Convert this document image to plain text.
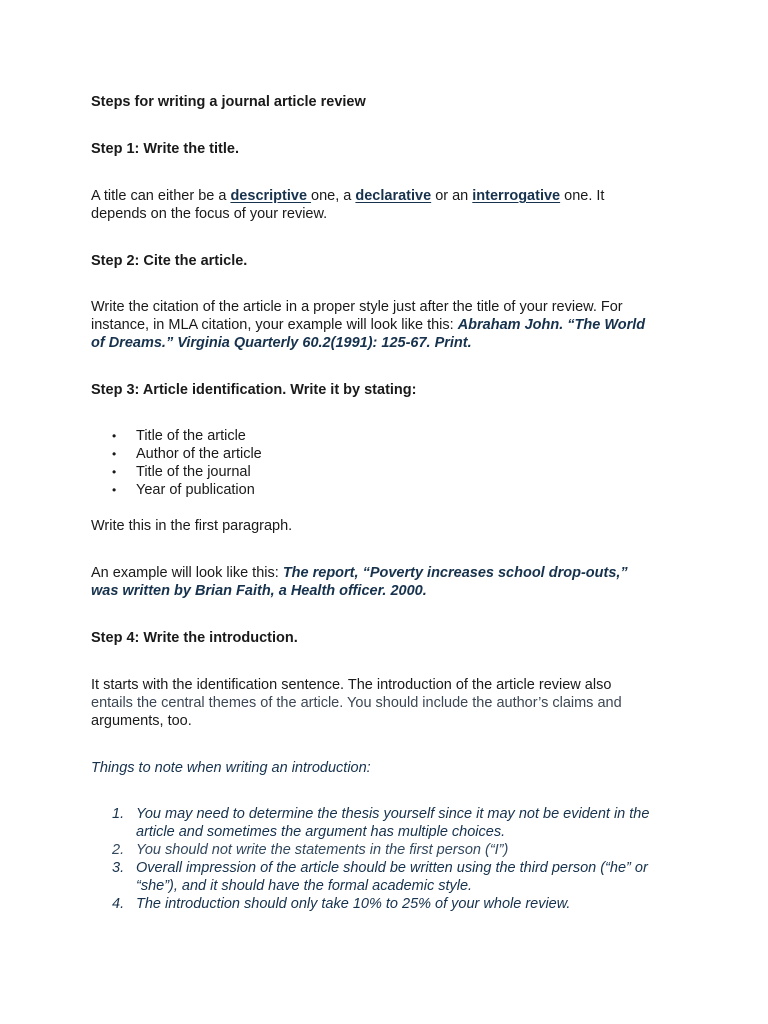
Steps for writing a journal article review

Step 1: Write the title.

A title can either be a descriptive one, a declarative or an interrogative one. It

depends on the focus of your review.

Step 2: Cite the article.

Write the citation of the article in a proper style just after the title of your review. For

instance, in MLA citation, your example will look like this: Abraham John. “The World

of Dreams.” Virginia Quarterly 60.2(1991): 125-67. Print.

Step 3: Article identification. Write it by stating:

• Title of the article
• Author of the article
• Title of the journal
• Year of publication

Write this in the first paragraph.

An example will look like this: The report, “Poverty increases school drop-outs,”

was written by Brian Faith, a Health officer. 2000.

Step 4: Write the introduction.

It starts with the identification sentence. The introduction of the article review also

entails the central themes of the article. You should include the author’s claims and

arguments, too.

Things to note when writing an introduction:

1. You may need to determine the thesis yourself since it may not be evident in the
article and sometimes the argument has multiple choices.
2. You should not write the statements in the first person (“I”)
3. Overall impression of the article should be written using the third person (“he” or
“she”), and it should have the formal academic style.
4. The introduction should only take 10% to 25% of your whole review.
